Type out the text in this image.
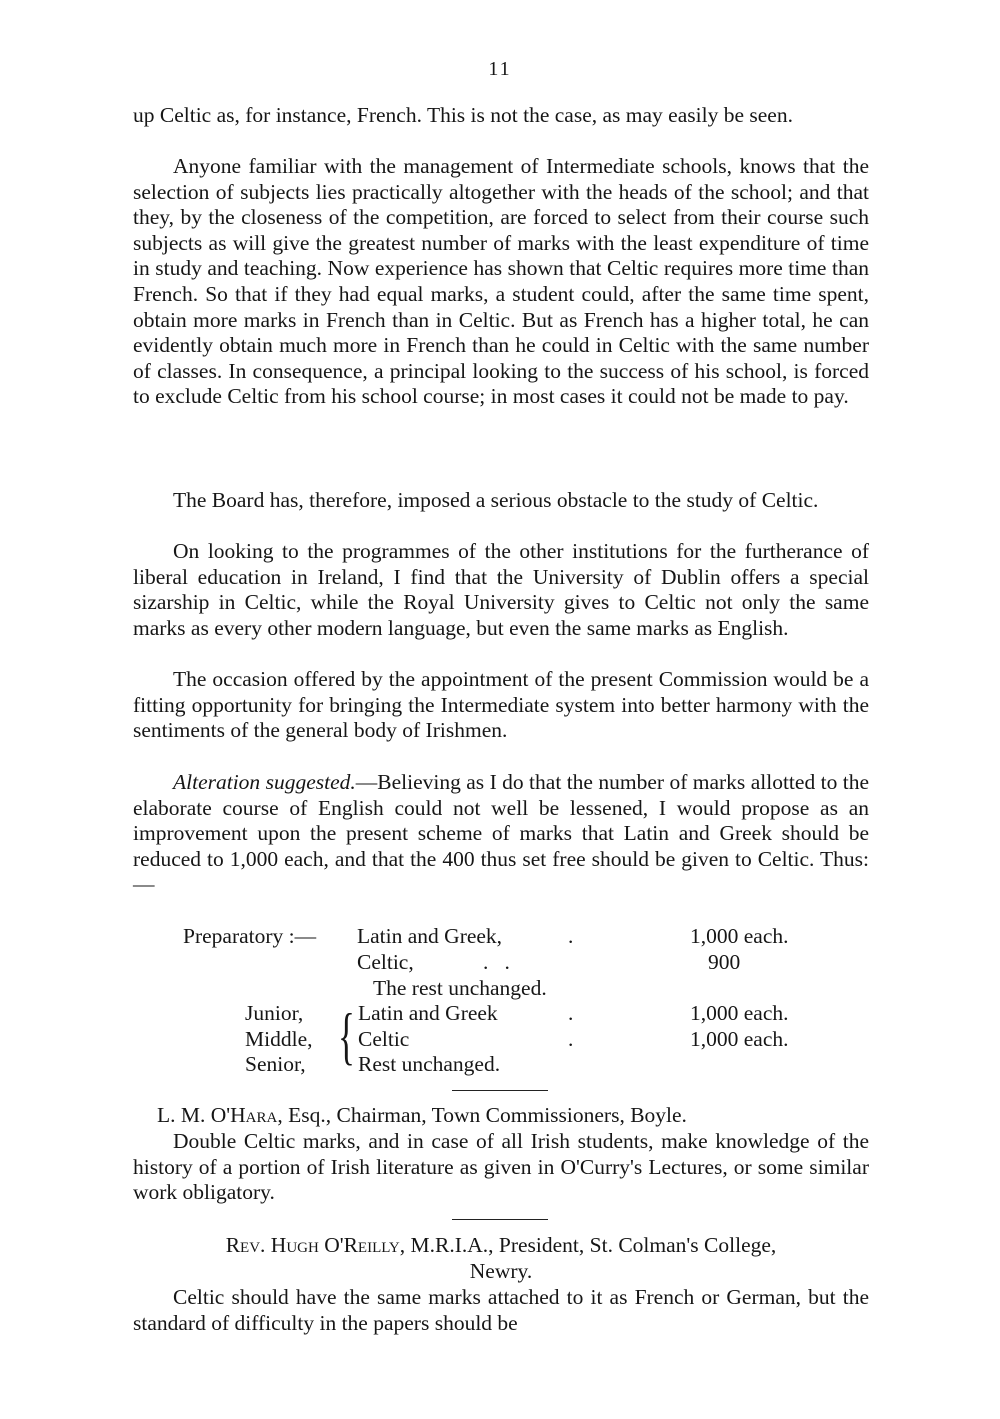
11

up Celtic as, for instance, French. This is not the case, as may easily be seen.

Anyone familiar with the management of Intermediate schools, knows that the selection of subjects lies practically altogether with the heads of the school; and that they, by the closeness of the competition, are forced to select from their course such subjects as will give the greatest number of marks with the least expenditure of time in study and teaching. Now experience has shown that Celtic requires more time than French. So that if they had equal marks, a student could, after the same time spent, obtain more marks in French than in Celtic. But as French has a higher total, he can evidently obtain much more in French than he could in Celtic with the same number of classes. In consequence, a principal looking to the success of his school, is forced to exclude Celtic from his school course; in most cases it could not be made to pay.

The Board has, therefore, imposed a serious obstacle to the study of Celtic.

On looking to the programmes of the other institutions for the furtherance of liberal education in Ireland, I find that the University of Dublin offers a special sizarship in Celtic, while the Royal University gives to Celtic not only the same marks as every other modern language, but even the same marks as English.

The occasion offered by the appointment of the present Commission would be a fitting opportunity for bringing the Intermediate system into better harmony with the sentiments of the general body of Irishmen.

Alteration suggested.—Believing as I do that the number of marks allotted to the elaborate course of English could not well be lessened, I would propose as an improvement upon the present scheme of marks that Latin and Greek should be reduced to 1,000 each, and that the 400 thus set free should be given to Celtic. Thus:—

Preparatory :— Latin and Greek,	.	1,000 each.
Celtic,	.   .	900
The rest unchanged.
Junior,
Middle,
Senior, { Latin and Greek	.	1,000 each.
Celtic	.	1,000 each.
Rest unchanged.
L. M. O'Hara, Esq., Chairman, Town Commissioners, Boyle.

Double Celtic marks, and in case of all Irish students, make knowledge of the history of a portion of Irish literature as given in O'Curry's Lectures, or some similar work obligatory.

Rev. Hugh O'Reilly, M.R.I.A., President, St. Colman's College,
Newry.

Celtic should have the same marks attached to it as French or German, but the standard of difficulty in the papers should be
